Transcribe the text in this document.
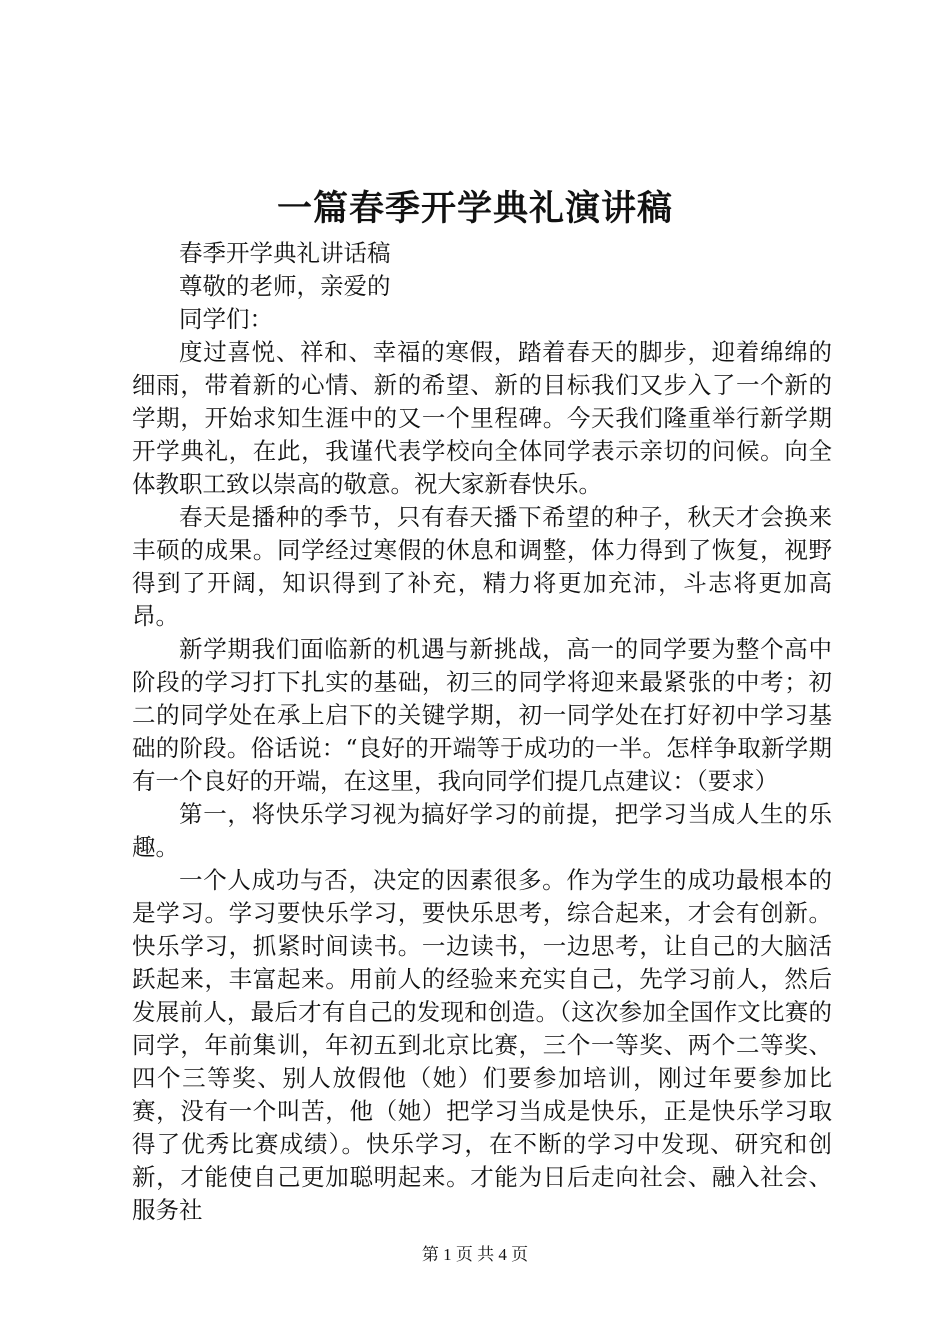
一篇春季开学典礼演讲稿

春季开学典礼讲话稿

尊敬的老师，亲爱的

同学们：

度过喜悦、祥和、幸福的寒假，踏着春天的脚步，迎着绵绵的细雨，带着新的心情、新的希望、新的目标我们又步入了一个新的学期，开始求知生涯中的又一个里程碑。今天我们隆重举行新学期开学典礼，在此，我谨代表学校向全体同学表示亲切的问候。向全体教职工致以崇高的敬意。祝大家新春快乐。

春天是播种的季节，只有春天播下希望的种子，秋天才会换来丰硕的成果。同学经过寒假的休息和调整，体力得到了恢复，视野得到了开阔，知识得到了补充，精力将更加充沛，斗志将更加高昂。

新学期我们面临新的机遇与新挑战，高一的同学要为整个高中阶段的学习打下扎实的基础，初三的同学将迎来最紧张的中考；初二的同学处在承上启下的关键学期，初一同学处在打好初中学习基础的阶段。俗话说：“良好的开端等于成功的一半。怎样争取新学期有一个良好的开端，在这里，我向同学们提几点建议：（要求）

第一，将快乐学习视为搞好学习的前提，把学习当成人生的乐趣。

一个人成功与否，决定的因素很多。作为学生的成功最根本的是学习。学习要快乐学习，要快乐思考，综合起来，才会有创新。快乐学习，抓紧时间读书。一边读书，一边思考，让自己的大脑活跃起来，丰富起来。用前人的经验来充实自己，先学习前人，然后发展前人，最后才有自己的发现和创造。（这次参加全国作文比赛的同学，年前集训，年初五到北京比赛，三个一等奖、两个二等奖、四个三等奖、别人放假他（她）们要参加培训，刚过年要参加比赛，没有一个叫苦，他（她）把学习当成是快乐，正是快乐学习取得了优秀比赛成绩）。快乐学习，在不断的学习中发现、研究和创新，才能使自己更加聪明起来。才能为日后走向社会、融入社会、服务社

第 1 页 共 4 页
